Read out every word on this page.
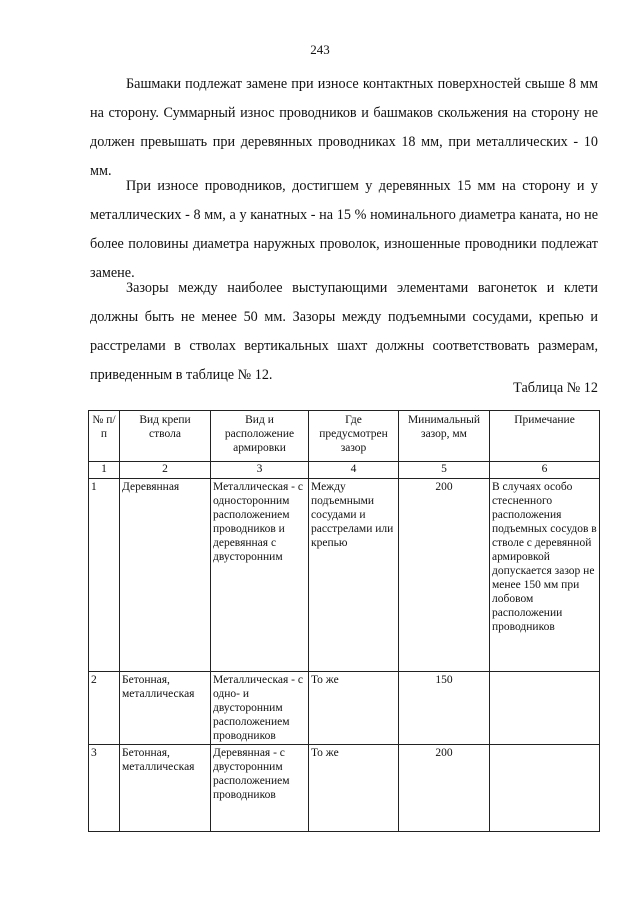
243

Башмаки подлежат замене при износе контактных поверхностей свыше 8 мм на сторону. Суммарный износ проводников и башмаков скольжения на сторону не должен превышать при деревянных проводниках 18 мм, при металлических - 10 мм.

При износе проводников, достигшем у деревянных 15 мм на сторону и у металлических - 8 мм, а у канатных - на 15 % номинального диаметра каната, но не более половины диаметра наружных проволок, изношенные проводники подлежат замене.

Зазоры между наиболее выступающими элементами вагонеток и клети должны быть не менее 50 мм. Зазоры между подъемными сосудами, крепью и расстрелами в стволах вертикальных шахт должны соответствовать размерам, приведенным в таблице № 12.

Таблица № 12
№ п/п	Вид крепи ствола	Вид и расположение армировки	Где предусмотрен зазор	Минимальный зазор, мм	Примечание
1	2	3	4	5	6
1	Деревянная	Металлическая - с односторонним расположением проводников и деревянная с двусторонним	Между подъемными сосудами и расстрелами или крепью	200	В случаях особо стесненного расположения подъемных сосудов в стволе с деревянной армировкой допускается зазор не менее 150 мм при лобовом расположении проводников
2	Бетонная, металлическая	Металлическая - с одно- и двусторонним расположением проводников	То же	150	
3	Бетонная, металлическая	Деревянная - с двусторонним расположением проводников	То же	200	
